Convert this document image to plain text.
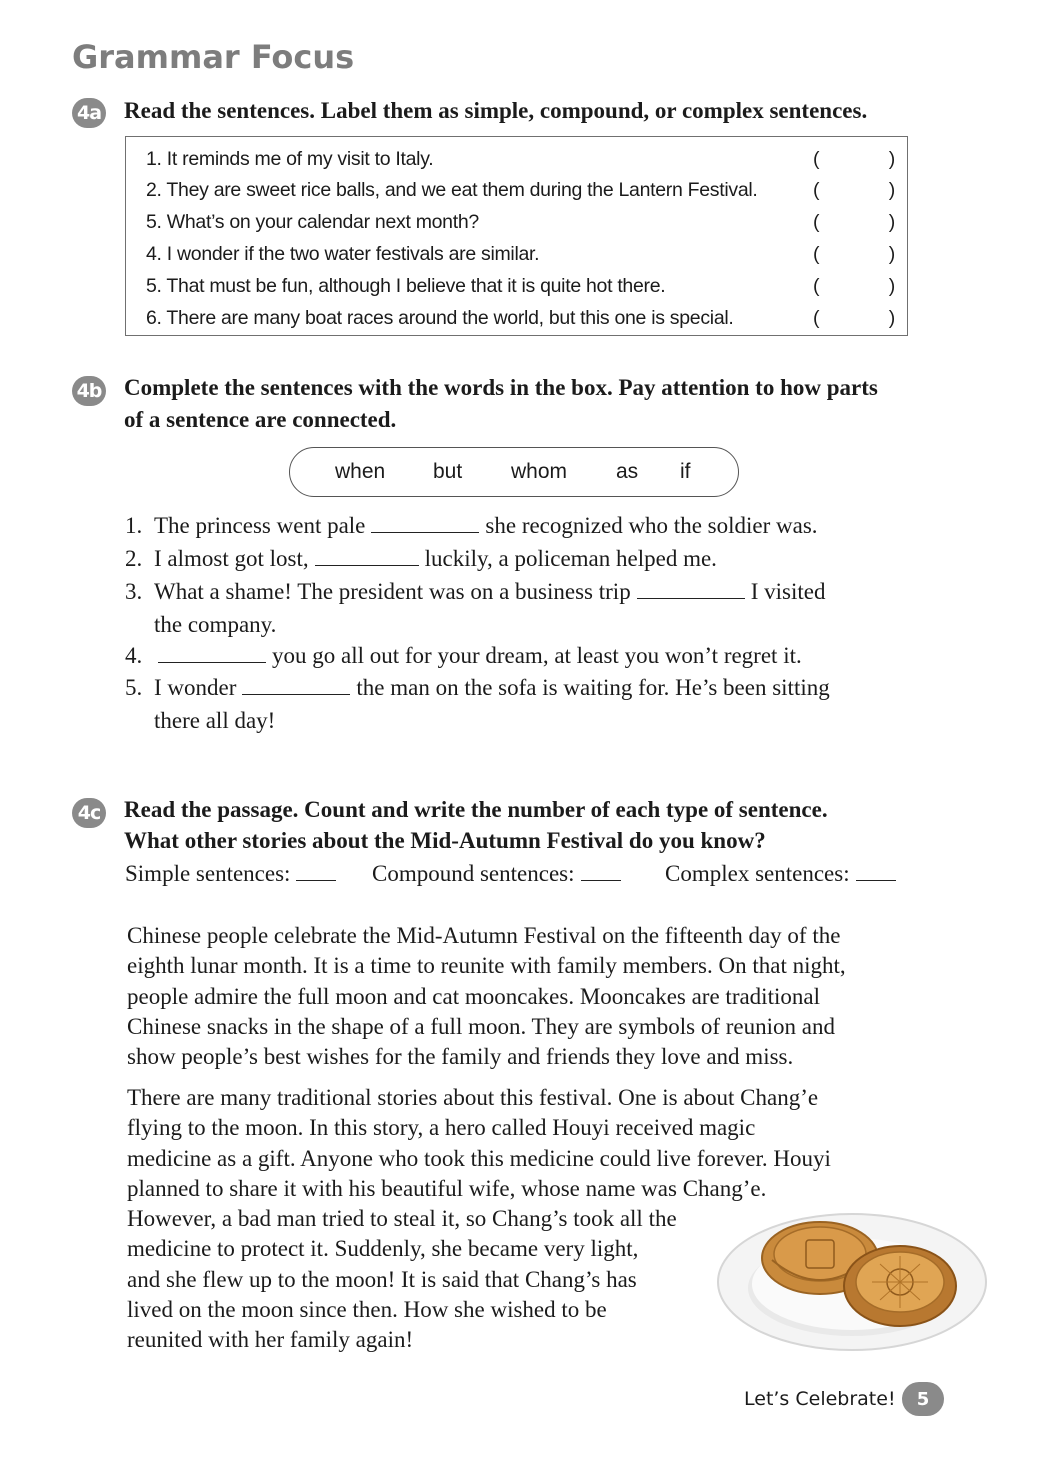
Grammar Focus
4a Read the sentences. Label them as simple, compound, or complex sentences.
1. It reminds me of my visit to Italy.	(	)
2. They are sweet rice balls, and we eat them during the Lantern Festival.	(	)
5. What’s on your calendar next month?	(	)
4. I wonder if the two water festivals are similar.	(	)
5. That must be fun, although I believe that it is quite hot there.	(	)
6. There are many boat races around the world, but this one is special.	(	)
4b Complete the sentences with the words in the box. Pay attention to how parts
of a sentence are connected.
when but whom as if
1. The princess went pale	she recognized who the soldier was.
2. I almost got lost,	luckily, a policeman helped me.
3. What a shame! The president was on a business trip	I visited
the company.
4.	you go all out for your dream, at least you won’t regret it.
5. I wonder	the man on the sofa is waiting for. He’s been sitting
there all day!
4c Read the passage. Count and write the number of each type of sentence.
What other stories about the Mid-Autumn Festival do you know?
Simple sentences:	Compound sentences:	Complex sentences:
Chinese people celebrate the Mid-Autumn Festival on the fifteenth day of the
eighth lunar month. It is a time to reunite with family members. On that night,
people admire the full moon and cat mooncakes. Mooncakes are traditional
Chinese snacks in the shape of a full moon. They are symbols of reunion and
show people’s best wishes for the family and friends they love and miss.
There are many traditional stories about this festival. One is about Chang’e
flying to the moon. In this story, a hero called Houyi received magic
medicine as a gift. Anyone who took this medicine could live forever. Houyi
planned to share it with his beautiful wife, whose name was Chang’e.
However, a bad man tried to steal it, so Chang’s took all the
medicine to protect it. Suddenly, she became very light,
and she flew up to the moon! It is said that Chang’s has
lived on the moon since then. How she wished to be
reunited with her family again!
Let’s Celebrate!	5
